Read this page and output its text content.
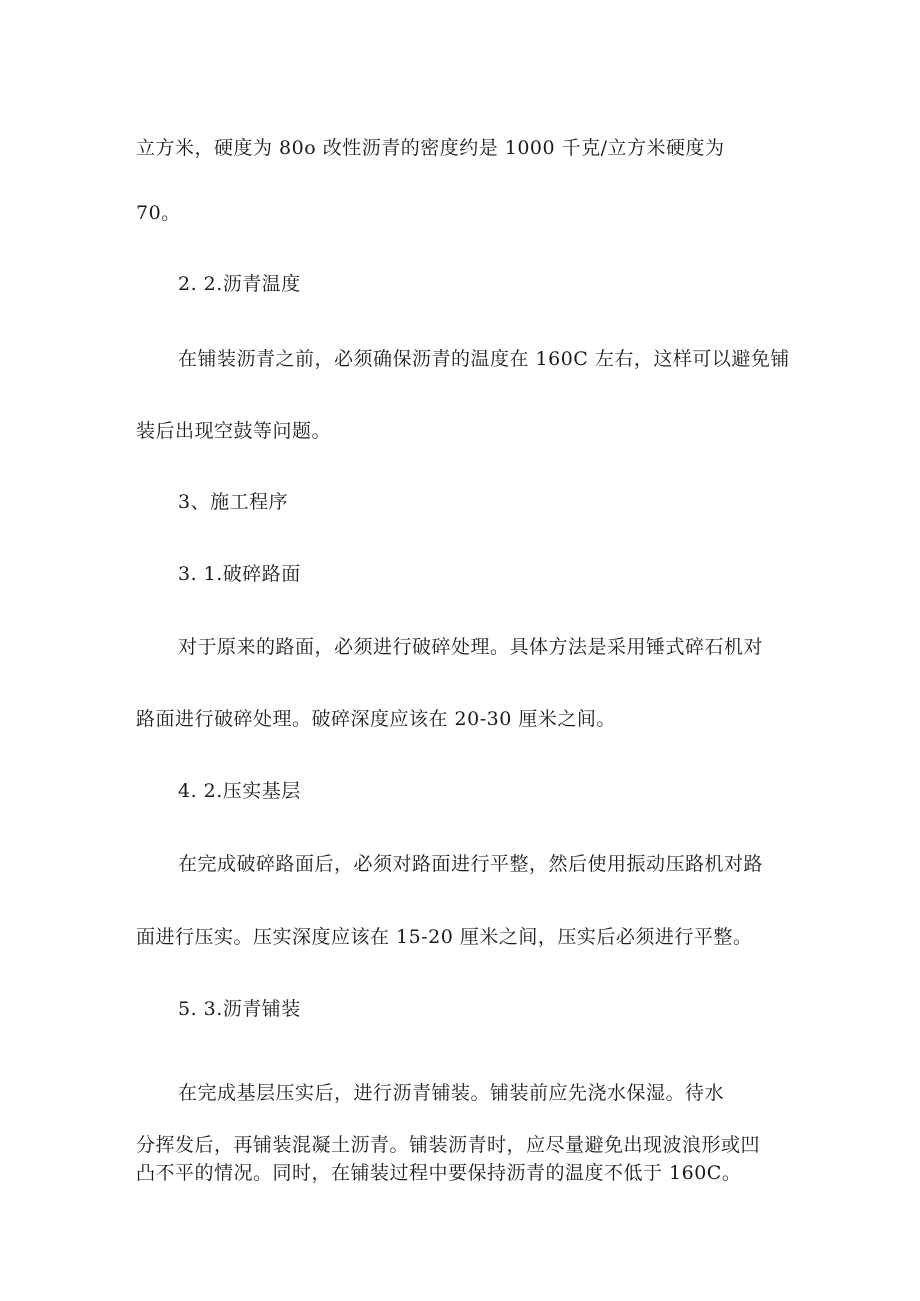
立方米，硬度为 80o 改性沥青的密度约是 1000 千克/立方米硬度为
70。
2. 2.沥青温度
在铺装沥青之前，必须确保沥青的温度在 160C 左右，这样可以避免铺
装后出现空鼓等问题。
3、施工程序
3. 1.破碎路面
对于原来的路面，必须进行破碎处理。具体方法是采用锤式碎石机对
路面进行破碎处理。破碎深度应该在 20-30 厘米之间。
4. 2.压实基层
在完成破碎路面后，必须对路面进行平整，然后使用振动压路机对路
面进行压实。压实深度应该在 15-20 厘米之间，压实后必须进行平整。
5. 3.沥青铺装
在完成基层压实后，进行沥青铺装。铺装前应先浇水保湿。待水
分挥发后，再铺装混凝土沥青。铺装沥青时，应尽量避免出现波浪形或凹
凸不平的情况。同时，在铺装过程中要保持沥青的温度不低于 160C。
